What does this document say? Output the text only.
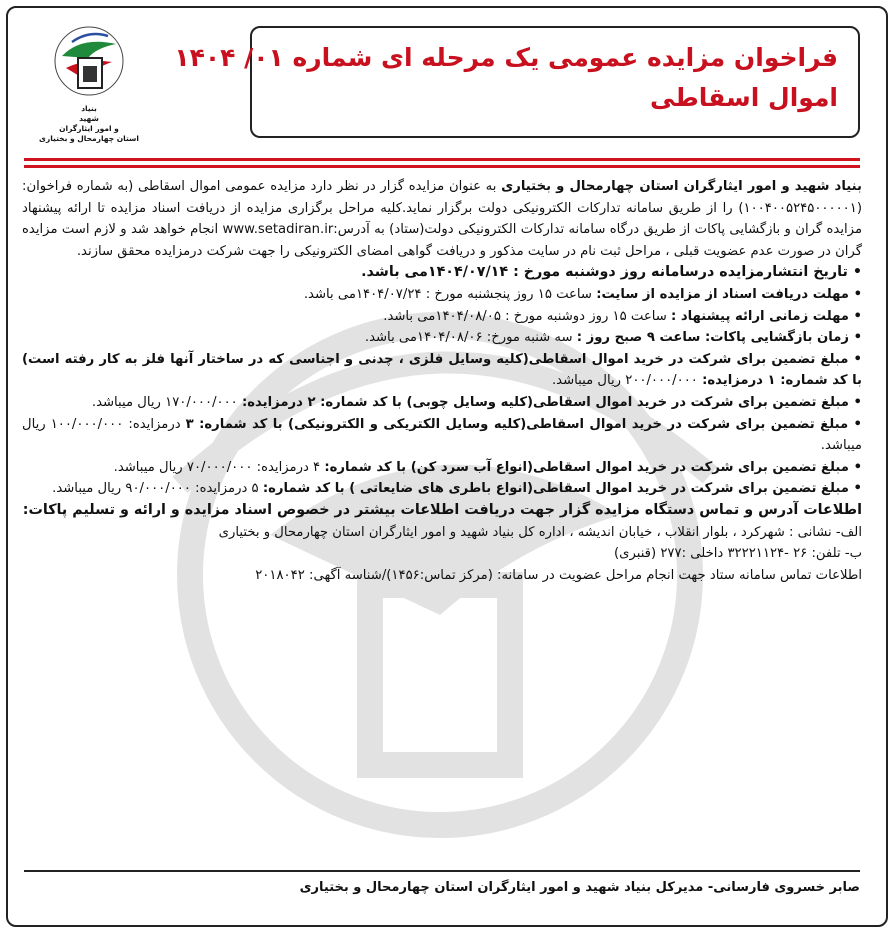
بنیاد
شهید
و امور ایثارگران
استان چهارمحال و بختیاری
فراخوان مزایده عمومی یک مرحله ای شماره ۰۱/ ۱۴۰۴
اموال اسقاطی

بنیاد شهید و امور ایثارگران استان چهارمحال و بختیاری به عنوان مزایده گزار در نظر دارد مزایده عمومی اموال اسقاطی (به شماره فراخوان:(۱۰۰۴۰۰۵۲۴۵۰۰۰۰۰۱) را از طریق سامانه تدارکات الکترونیکی دولت برگزار نماید.کلیه مراحل برگزاری مزایده از دریافت اسناد مزایده تا ارائه پیشنهاد مزایده گران و بازگشایی پاکات از طریق درگاه سامانه تدارکات الکترونیکی دولت(ستاد) به آدرس:www.setadiran.ir انجام خواهد شد و لازم است مزایده گران در صورت عدم عضویت قبلی ، مراحل ثبت نام در سایت مذکور و دریافت گواهی امضای الکترونیکی را جهت شرکت درمزایده محقق سازند.

• تاریخ انتشارمزایده درسامانه روز دوشنبه مورخ : ۱۴۰۴/۰۷/۱۴می باشد.

• مهلت دریافت اسناد از مزایده از سایت: ساعت ۱۵ روز پنجشنبه مورخ : ۱۴۰۴/۰۷/۲۴می باشد.

• مهلت زمانی ارائه پیشنهاد : ساعت ۱۵ روز دوشنبه مورخ : ۱۴۰۴/۰۸/۰۵می باشد.

• زمان بازگشایی پاکات: ساعت ۹ صبح روز : سه شنبه مورخ: ۱۴۰۴/۰۸/۰۶می باشد.

• مبلغ تضمین برای شرکت در خرید اموال اسقاطی(کلیه وسایل فلزی ، چدنی و اجناسی که در ساختار آنها فلز به کار رفته است) با کد شماره: ۱ درمزایده: ۲۰۰/۰۰۰/۰۰۰ ریال میباشد.

• مبلغ تضمین برای شرکت در خرید اموال اسقاطی(کلیه وسایل چوبی) با کد شماره: ۲ درمزایده: ۱۷۰/۰۰۰/۰۰۰ ریال میباشد.

• مبلغ تضمین برای شرکت در خرید اموال اسقاطی(کلیه وسایل الکتریکی و الکترونیکی) با کد شماره: ۳ درمزایده: ۱۰۰/۰۰۰/۰۰۰ ریال میباشد.

• مبلغ تضمین برای شرکت در خرید اموال اسقاطی(انواع آب سرد کن) با کد شماره: ۴ درمزایده: ۷۰/۰۰۰/۰۰۰ ریال میباشد.

• مبلغ تضمین برای شرکت در خرید اموال اسقاطی(انواع باطری های ضایعاتی ) با کد شماره: ۵ درمزایده: ۹۰/۰۰۰/۰۰۰ ریال میباشد.

اطلاعات آدرس و تماس دستگاه مزایده گزار جهت دریافت اطلاعات بیشتر در خصوص اسناد مزایده و ارائه و تسلیم پاکات:

الف- نشانی : شهرکرد ، بلوار انقلاب ، خیابان اندیشه ، اداره کل بنیاد شهید و امور ایثارگران استان چهارمحال و بختیاری

ب- تلفن: ۲۶ -۳۲۲۲۱۱۲۴ داخلی :۲۷۷ (قنبری)

اطلاعات تماس سامانه ستاد جهت انجام مراحل عضویت در سامانه: (مرکز تماس:۱۴۵۶)/شناسه آگهی: ۲۰۱۸۰۴۲

صابر خسروی فارسانی- مدیرکل بنیاد شهید و امور ایثارگران استان چهارمحال و بختیاری
